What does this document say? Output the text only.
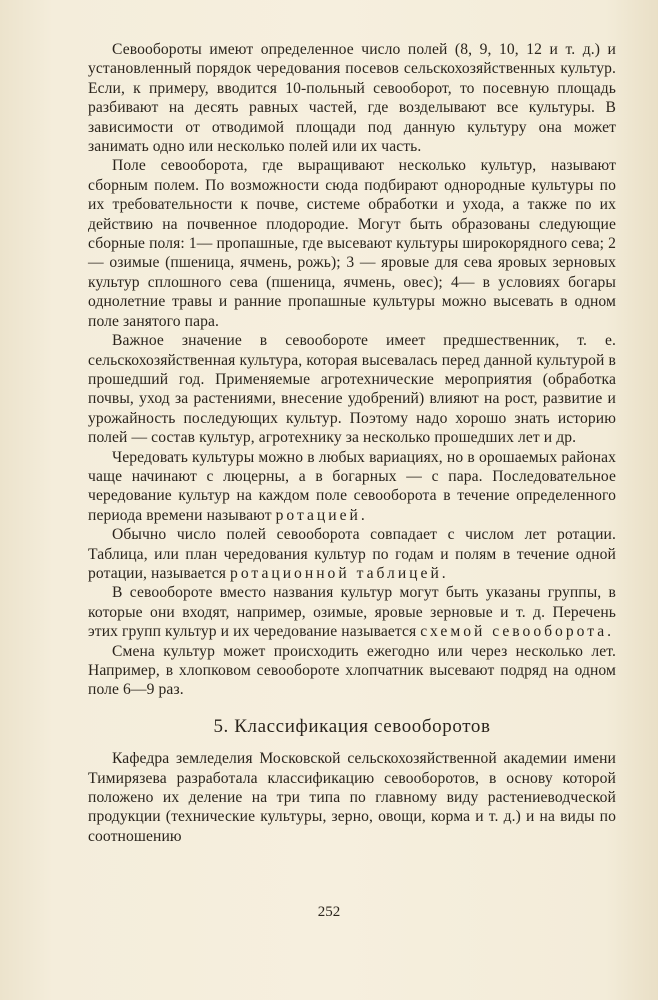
Севообороты имеют определенное число полей (8, 9, 10, 12 и т. д.) и установленный порядок чередования посевов сельскохозяйственных культур. Если, к примеру, вводится 10-польный севооборот, то посевную площадь разбивают на десять равных частей, где возделывают все культуры. В зависимости от отводимой площади под данную культуру она может занимать одно или несколько полей или их часть.

Поле севооборота, где выращивают несколько культур, называют сборным полем. По возможности сюда подбирают однородные культуры по их требовательности к почве, системе обработки и ухода, а также по их действию на почвенное плодородие. Могут быть образованы следующие сборные поля: 1— пропашные, где высевают культуры широкорядного сева; 2— озимые (пшеница, ячмень, рожь); 3 — яровые для сева яровых зерновых культур сплошного сева (пшеница, ячмень, овес); 4— в условиях богары однолетние травы и ранние пропашные культуры можно высевать в одном поле занятого пара.

Важное значение в севообороте имеет предшественник, т. е. сельскохозяйственная культура, которая высевалась перед данной культурой в прошедший год. Применяемые агротехнические мероприятия (обработка почвы, уход за растениями, внесение удобрений) влияют на рост, развитие и урожайность последующих культур. Поэтому надо хорошо знать историю полей — состав культур, агротехнику за несколько прошедших лет и др.

Чередовать культуры можно в любых вариациях, но в орошаемых районах чаще начинают с люцерны, а в богарных — с пара. Последовательное чередование культур на каждом поле севооборота в течение определенного периода времени называют ротацией.

Обычно число полей севооборота совпадает с числом лет ротации. Таблица, или план чередования культур по годам и полям в течение одной ротации, называется ротационной таблицей.

В севообороте вместо названия культур могут быть указаны группы, в которые они входят, например, озимые, яровые зерновые и т. д. Перечень этих групп культур и их чередование называется схемой севооборота.

Смена культур может происходить ежегодно или через несколько лет. Например, в хлопковом севообороте хлопчатник высевают подряд на одном поле 6—9 раз.

5. Классификация севооборотов

Кафедра земледелия Московской сельскохозяйственной академии имени Тимирязева разработала классификацию севооборотов, в основу которой положено их деление на три типа по главному виду растениеводческой продукции (технические культуры, зерно, овощи, корма и т. д.) и на виды по соотношению

252
